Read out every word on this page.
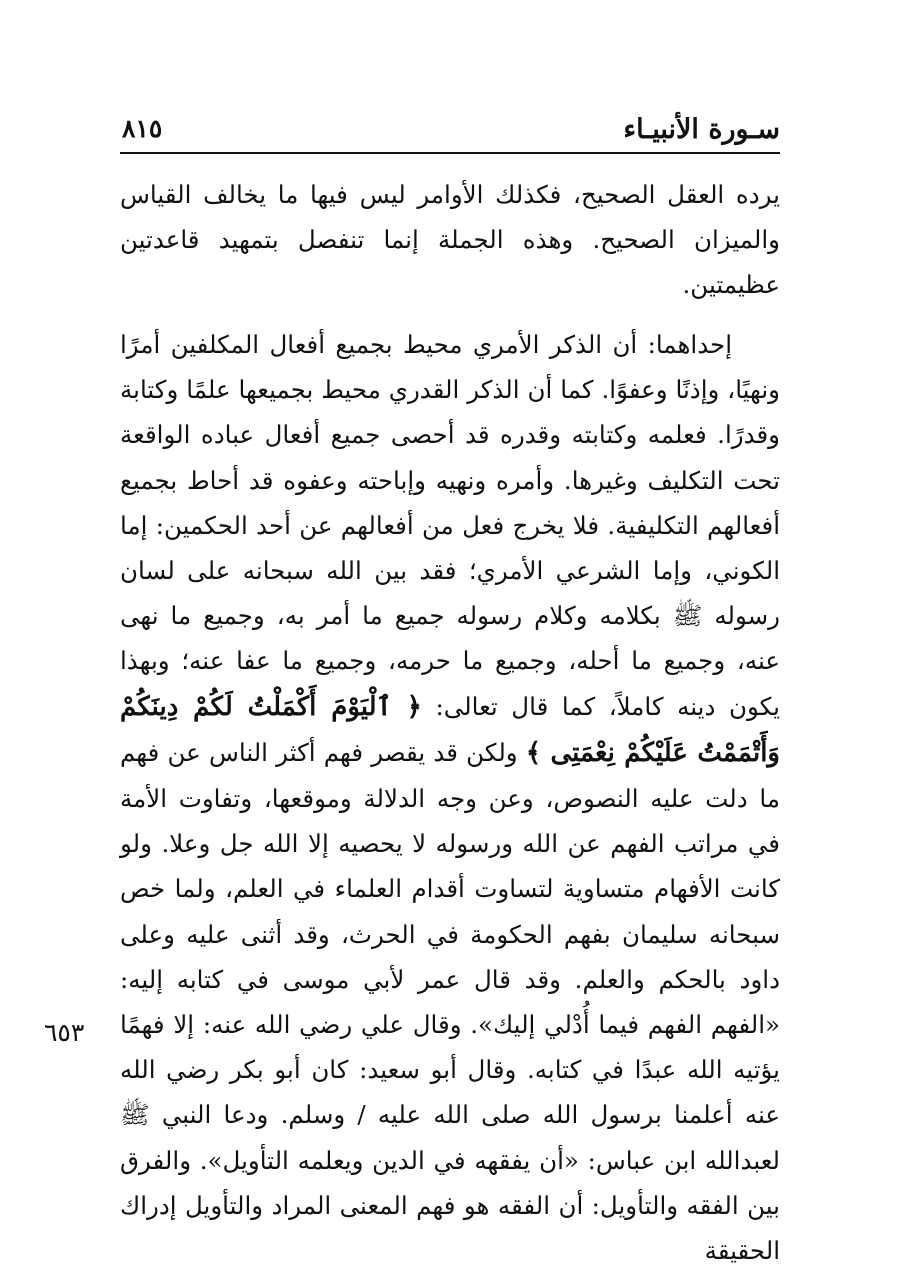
سـورة الأنبيـاء
٨١٥

يرده العقل الصحيح، فكذلك الأوامر ليس فيها ما يخالف القياس والميزان الصحيح. وهذه الجملة إنما تنفصل بتمهيد قاعدتين عظيمتين.

إحداهما: أن الذكر الأمري محيط بجميع أفعال المكلفين أمرًا ونهيًا، وإذنًا وعفوًا. كما أن الذكر القدري محيط بجميعها علمًا وكتابة وقدرًا. فعلمه وكتابته وقدره قد أحصى جميع أفعال عباده الواقعة تحت التكليف وغيرها. وأمره ونهيه وإباحته وعفوه قد أحاط بجميع أفعالهم التكليفية. فلا يخرج فعل من أفعالهم عن أحد الحكمين: إما الكوني، وإما الشرعي الأمري؛ فقد بين الله سبحانه على لسان رسوله ﷺ بكلامه وكلام رسوله جميع ما أمر به، وجميع ما نهى عنه، وجميع ما أحله، وجميع ما حرمه، وجميع ما عفا عنه؛ وبهذا يكون دينه كاملاً، كما قال تعالى: ﴿ ٱلْيَوْمَ أَكْمَلْتُ لَكُمْ دِينَكُمْ وَأَتْمَمْتُ عَلَيْكُمْ نِعْمَتِى ﴾ ولكن قد يقصر فهم أكثر الناس عن فهم ما دلت عليه النصوص، وعن وجه الدلالة وموقعها، وتفاوت الأمة في مراتب الفهم عن الله ورسوله لا يحصيه إلا الله جل وعلا. ولو كانت الأفهام متساوية لتساوت أقدام العلماء في العلم، ولما خص سبحانه سليمان بفهم الحكومة في الحرث، وقد أثنى عليه وعلى داود بالحكم والعلم. وقد قال عمر لأبي موسى في كتابه إليه: «الفهم الفهم فيما أُدْلي إليك». وقال علي رضي الله عنه: إلا فهمًا يؤتيه الله عبدًا في كتابه. وقال أبو سعيد: كان أبو بكر رضي الله عنه أعلمنا برسول الله صلى الله عليه / وسلم. ودعا النبي ﷺ لعبدالله ابن عباس: «أن يفقهه في الدين ويعلمه التأويل». والفرق بين الفقه والتأويل: أن الفقه هو فهم المعنى المراد والتأويل إدراك الحقيقة

٦٥٣
